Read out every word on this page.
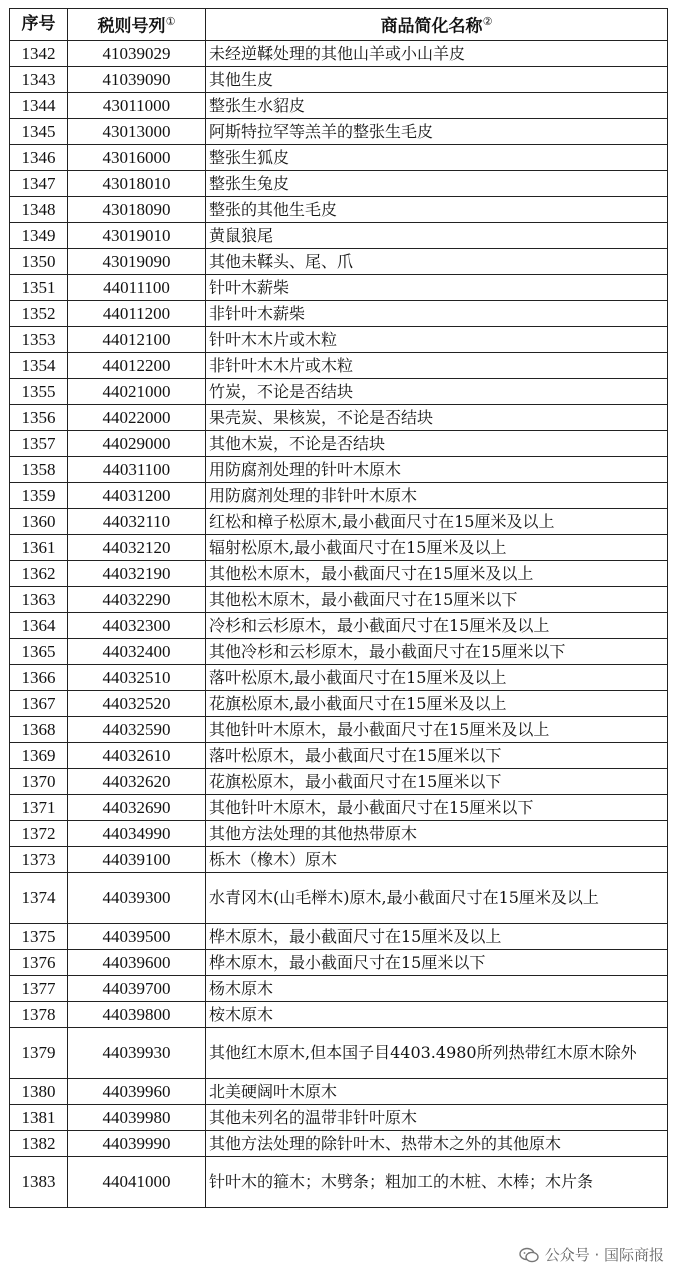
序号	税则号列①	商品简化名称②
1342	41039029	未经逆鞣处理的其他山羊或小山羊皮
1343	41039090	其他生皮
1344	43011000	整张生水貂皮
1345	43013000	阿斯特拉罕等羔羊的整张生毛皮
1346	43016000	整张生狐皮
1347	43018010	整张生兔皮
1348	43018090	整张的其他生毛皮
1349	43019010	黄鼠狼尾
1350	43019090	其他未鞣头、尾、爪
1351	44011100	针叶木薪柴
1352	44011200	非针叶木薪柴
1353	44012100	针叶木木片或木粒
1354	44012200	非针叶木木片或木粒
1355	44021000	竹炭，不论是否结块
1356	44022000	果壳炭、果核炭，不论是否结块
1357	44029000	其他木炭，不论是否结块
1358	44031100	用防腐剂处理的针叶木原木
1359	44031200	用防腐剂处理的非针叶木原木
1360	44032110	红松和樟子松原木,最小截面尺寸在15厘米及以上
1361	44032120	辐射松原木,最小截面尺寸在15厘米及以上
1362	44032190	其他松木原木，最小截面尺寸在15厘米及以上
1363	44032290	其他松木原木，最小截面尺寸在15厘米以下
1364	44032300	冷杉和云杉原木，最小截面尺寸在15厘米及以上
1365	44032400	其他冷杉和云杉原木，最小截面尺寸在15厘米以下
1366	44032510	落叶松原木,最小截面尺寸在15厘米及以上
1367	44032520	花旗松原木,最小截面尺寸在15厘米及以上
1368	44032590	其他针叶木原木，最小截面尺寸在15厘米及以上
1369	44032610	落叶松原木，最小截面尺寸在15厘米以下
1370	44032620	花旗松原木，最小截面尺寸在15厘米以下
1371	44032690	其他针叶木原木，最小截面尺寸在15厘米以下
1372	44034990	其他方法处理的其他热带原木
1373	44039100	栎木（橡木）原木
1374	44039300	水青冈木(山毛榉木)原木,最小截面尺寸在15厘米及以上
1375	44039500	桦木原木，最小截面尺寸在15厘米及以上
1376	44039600	桦木原木，最小截面尺寸在15厘米以下
1377	44039700	杨木原木
1378	44039800	桉木原木
1379	44039930	其他红木原木,但本国子目4403.4980所列热带红木原木除外
1380	44039960	北美硬阔叶木原木
1381	44039980	其他未列名的温带非针叶原木
1382	44039990	其他方法处理的除针叶木、热带木之外的其他原木
1383	44041000	针叶木的箍木；木劈条；粗加工的木桩、木棒；木片条
公众号 · 国际商报
